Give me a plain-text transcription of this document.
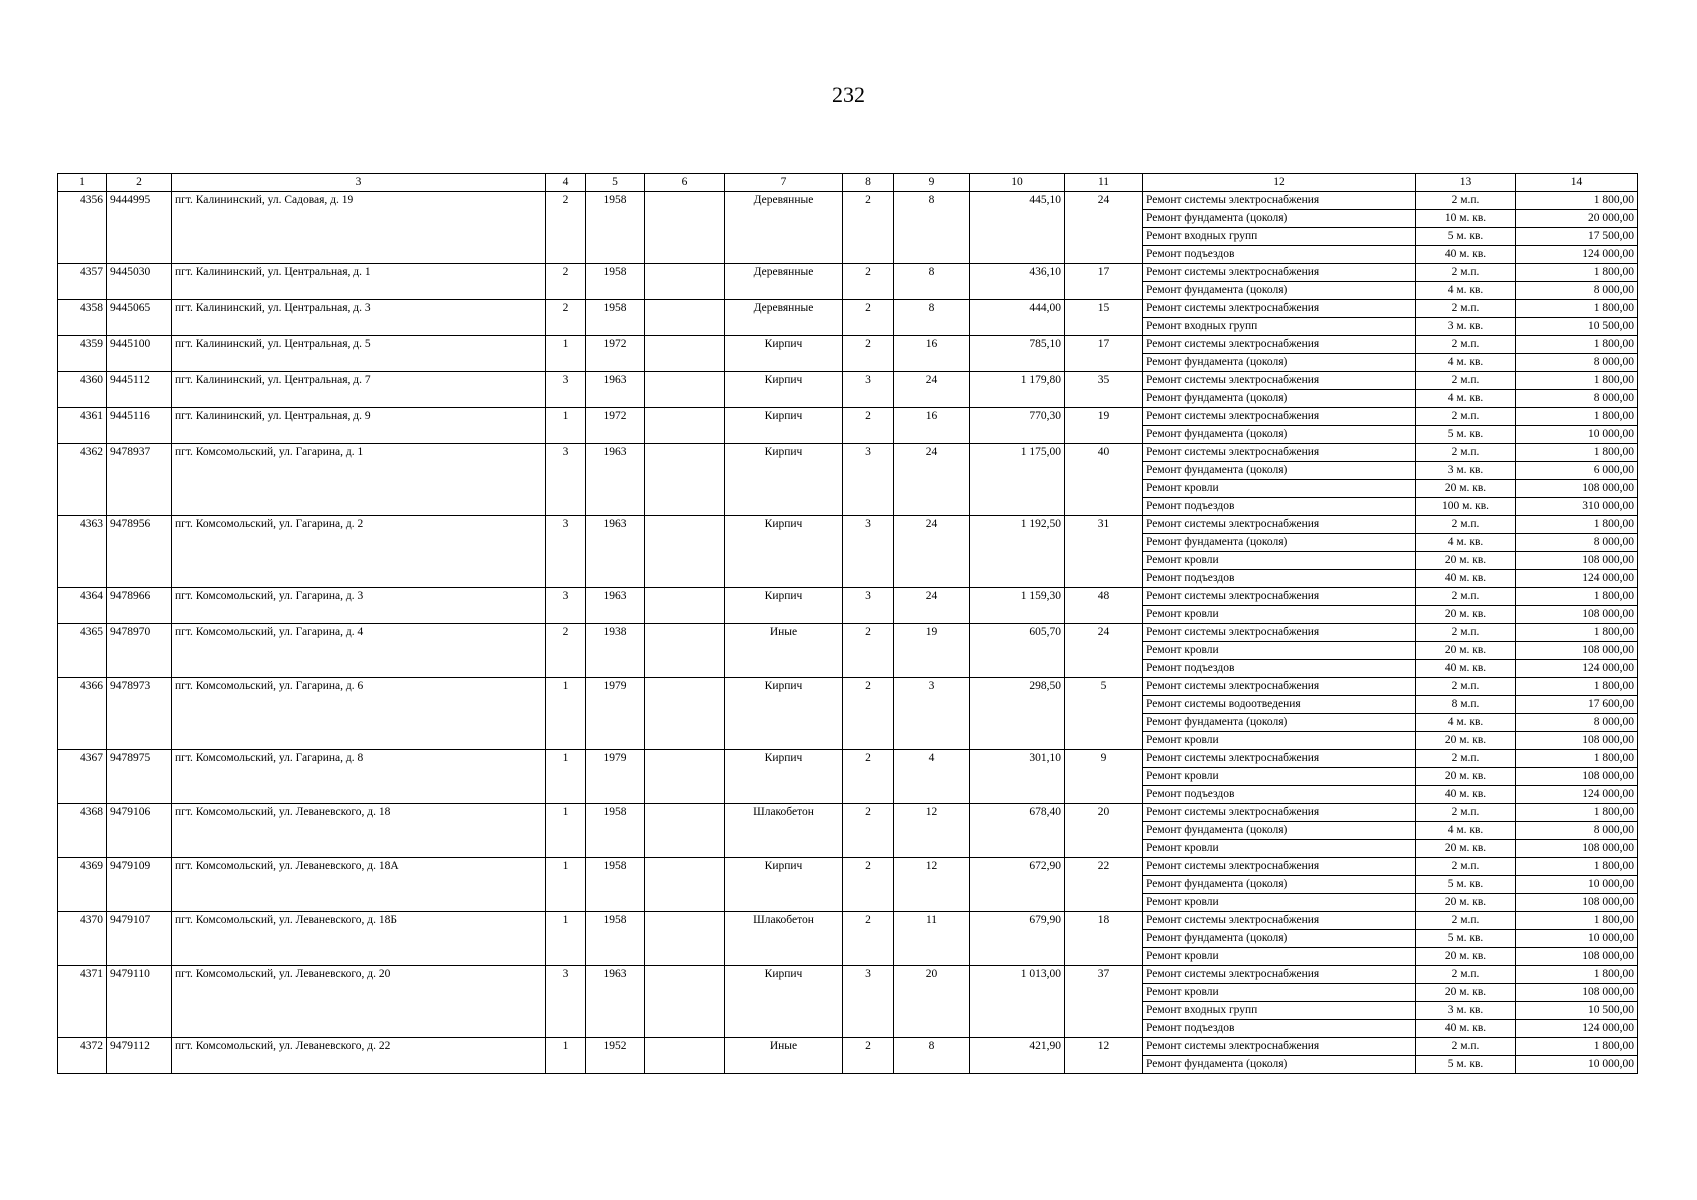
232
1	2	3	4	5	6	7	8	9	10	11	12	13	14
4356	9444995	пгт. Калининский, ул. Садовая, д. 19	2	1958		Деревянные	2	8	445,10	24	Ремонт системы электроснабжения	2 м.п.	1 800,00
											Ремонт фундамента (цоколя)	10 м. кв.	20 000,00
											Ремонт входных групп	5 м. кв.	17 500,00
											Ремонт подъездов	40 м. кв.	124 000,00
4357	9445030	пгт. Калининский, ул. Центральная, д. 1	2	1958		Деревянные	2	8	436,10	17	Ремонт системы электроснабжения	2 м.п.	1 800,00
											Ремонт фундамента (цоколя)	4 м. кв.	8 000,00
4358	9445065	пгт. Калининский, ул. Центральная, д. 3	2	1958		Деревянные	2	8	444,00	15	Ремонт системы электроснабжения	2 м.п.	1 800,00
											Ремонт входных групп	3 м. кв.	10 500,00
4359	9445100	пгт. Калининский, ул. Центральная, д. 5	1	1972		Кирпич	2	16	785,10	17	Ремонт системы электроснабжения	2 м.п.	1 800,00
											Ремонт фундамента (цоколя)	4 м. кв.	8 000,00
4360	9445112	пгт. Калининский, ул. Центральная, д. 7	3	1963		Кирпич	3	24	1 179,80	35	Ремонт системы электроснабжения	2 м.п.	1 800,00
											Ремонт фундамента (цоколя)	4 м. кв.	8 000,00
4361	9445116	пгт. Калининский, ул. Центральная, д. 9	1	1972		Кирпич	2	16	770,30	19	Ремонт системы электроснабжения	2 м.п.	1 800,00
											Ремонт фундамента (цоколя)	5 м. кв.	10 000,00
4362	9478937	пгт. Комсомольский, ул. Гагарина, д. 1	3	1963		Кирпич	3	24	1 175,00	40	Ремонт системы электроснабжения	2 м.п.	1 800,00
											Ремонт фундамента (цоколя)	3 м. кв.	6 000,00
											Ремонт кровли	20 м. кв.	108 000,00
											Ремонт подъездов	100 м. кв.	310 000,00
4363	9478956	пгт. Комсомольский, ул. Гагарина, д. 2	3	1963		Кирпич	3	24	1 192,50	31	Ремонт системы электроснабжения	2 м.п.	1 800,00
											Ремонт фундамента (цоколя)	4 м. кв.	8 000,00
											Ремонт кровли	20 м. кв.	108 000,00
											Ремонт подъездов	40 м. кв.	124 000,00
4364	9478966	пгт. Комсомольский, ул. Гагарина, д. 3	3	1963		Кирпич	3	24	1 159,30	48	Ремонт системы электроснабжения	2 м.п.	1 800,00
											Ремонт кровли	20 м. кв.	108 000,00
4365	9478970	пгт. Комсомольский, ул. Гагарина, д. 4	2	1938		Иные	2	19	605,70	24	Ремонт системы электроснабжения	2 м.п.	1 800,00
											Ремонт кровли	20 м. кв.	108 000,00
											Ремонт подъездов	40 м. кв.	124 000,00
4366	9478973	пгт. Комсомольский, ул. Гагарина, д. 6	1	1979		Кирпич	2	3	298,50	5	Ремонт системы электроснабжения	2 м.п.	1 800,00
											Ремонт системы водоотведения	8 м.п.	17 600,00
											Ремонт фундамента (цоколя)	4 м. кв.	8 000,00
											Ремонт кровли	20 м. кв.	108 000,00
4367	9478975	пгт. Комсомольский, ул. Гагарина, д. 8	1	1979		Кирпич	2	4	301,10	9	Ремонт системы электроснабжения	2 м.п.	1 800,00
											Ремонт кровли	20 м. кв.	108 000,00
											Ремонт подъездов	40 м. кв.	124 000,00
4368	9479106	пгт. Комсомольский, ул. Леваневского, д. 18	1	1958		Шлакобетон	2	12	678,40	20	Ремонт системы электроснабжения	2 м.п.	1 800,00
											Ремонт фундамента (цоколя)	4 м. кв.	8 000,00
											Ремонт кровли	20 м. кв.	108 000,00
4369	9479109	пгт. Комсомольский, ул. Леваневского, д. 18А	1	1958		Кирпич	2	12	672,90	22	Ремонт системы электроснабжения	2 м.п.	1 800,00
											Ремонт фундамента (цоколя)	5 м. кв.	10 000,00
											Ремонт кровли	20 м. кв.	108 000,00
4370	9479107	пгт. Комсомольский, ул. Леваневского, д. 18Б	1	1958		Шлакобетон	2	11	679,90	18	Ремонт системы электроснабжения	2 м.п.	1 800,00
											Ремонт фундамента (цоколя)	5 м. кв.	10 000,00
											Ремонт кровли	20 м. кв.	108 000,00
4371	9479110	пгт. Комсомольский, ул. Леваневского, д. 20	3	1963		Кирпич	3	20	1 013,00	37	Ремонт системы электроснабжения	2 м.п.	1 800,00
											Ремонт кровли	20 м. кв.	108 000,00
											Ремонт входных групп	3 м. кв.	10 500,00
											Ремонт подъездов	40 м. кв.	124 000,00
4372	9479112	пгт. Комсомольский, ул. Леваневского, д. 22	1	1952		Иные	2	8	421,90	12	Ремонт системы электроснабжения	2 м.п.	1 800,00
											Ремонт фундамента (цоколя)	5 м. кв.	10 000,00
